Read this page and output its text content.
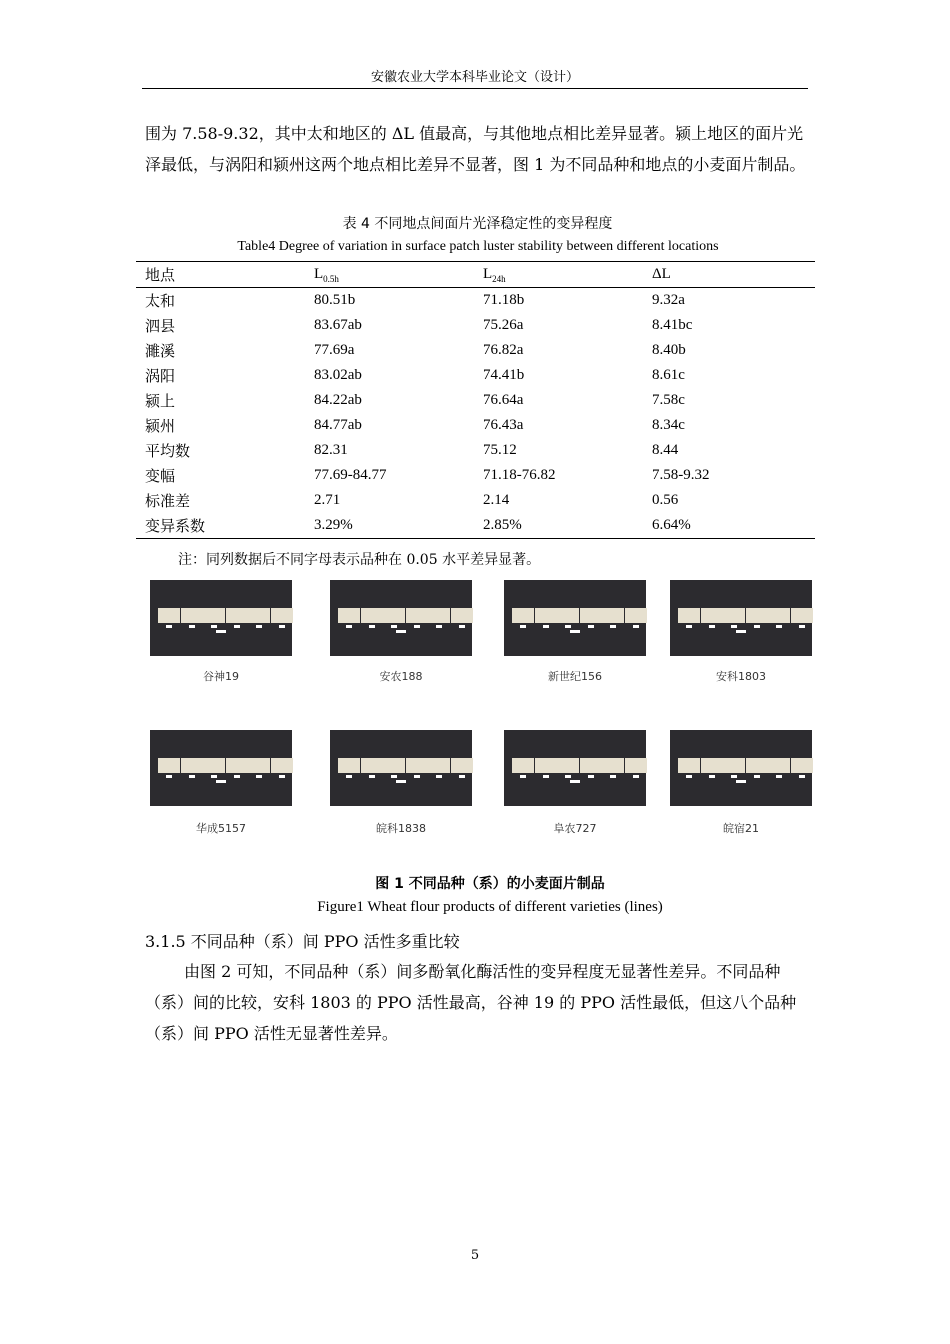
安徽农业大学本科毕业论文（设计）

围为 7.58-9.32，其中太和地区的 ΔL 值最高，与其他地点相比差异显著。颍上地区的面片光泽最低，与涡阳和颍州这两个地点相比差异不显著，图 1 为不同品种和地点的小麦面片制品。

表 4 不同地点间面片光泽稳定性的变异程度
Table4 Degree of variation in surface patch luster stability between different locations
地点	$L_{0.5h}$	$L_{24h}$	ΔL
太和	80.51b	71.18b	9.32a
泗县	83.67ab	75.26a	8.41bc
濉溪	77.69a	76.82a	8.40b
涡阳	83.02ab	74.41b	8.61c
颍上	84.22ab	76.64a	7.58c
颍州	84.77ab	76.43a	8.34c
平均数	82.31	75.12	8.44
变幅	77.69-84.77	71.18-76.82	7.58-9.32
标准差	2.71	2.14	0.56
变异系数	3.29%	2.85%	6.64%
注：同列数据后不同字母表示品种在 0.05 水平差异显著。
谷神19	安农188	新世纪156	安科1803
华成5157	皖科1838	阜农727	皖宿21
图 1 不同品种（系）的小麦面片制品
Figure1 Wheat flour products of different varieties (lines)
3.1.5 不同品种（系）间 PPO 活性多重比较

由图 2 可知，不同品种（系）间多酚氧化酶活性的变异程度无显著性差异。不同品种（系）间的比较，安科 1803 的 PPO 活性最高，谷神 19 的 PPO 活性最低，但这八个品种（系）间 PPO 活性无显著性差异。

5
